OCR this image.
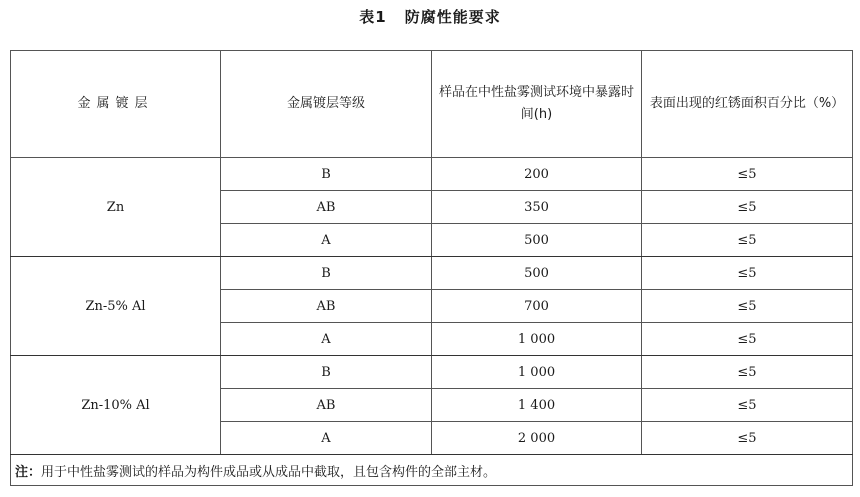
表1 防腐性能要求
金属镀层	金属镀层等级	样品在中性盐雾测试环境中暴露时间(h)	表面出现的红锈面积百分比（%）
Zn	B	200	≤5
	AB	350	≤5
	A	500	≤5
Zn-5% Al	B	500	≤5
	AB	700	≤5
	A	1 000	≤5
Zn-10% Al	B	1 000	≤5
	AB	1 400	≤5
	A	2 000	≤5
注：用于中性盐雾测试的样品为构件成品或从成品中截取，且包含构件的全部主材。			
